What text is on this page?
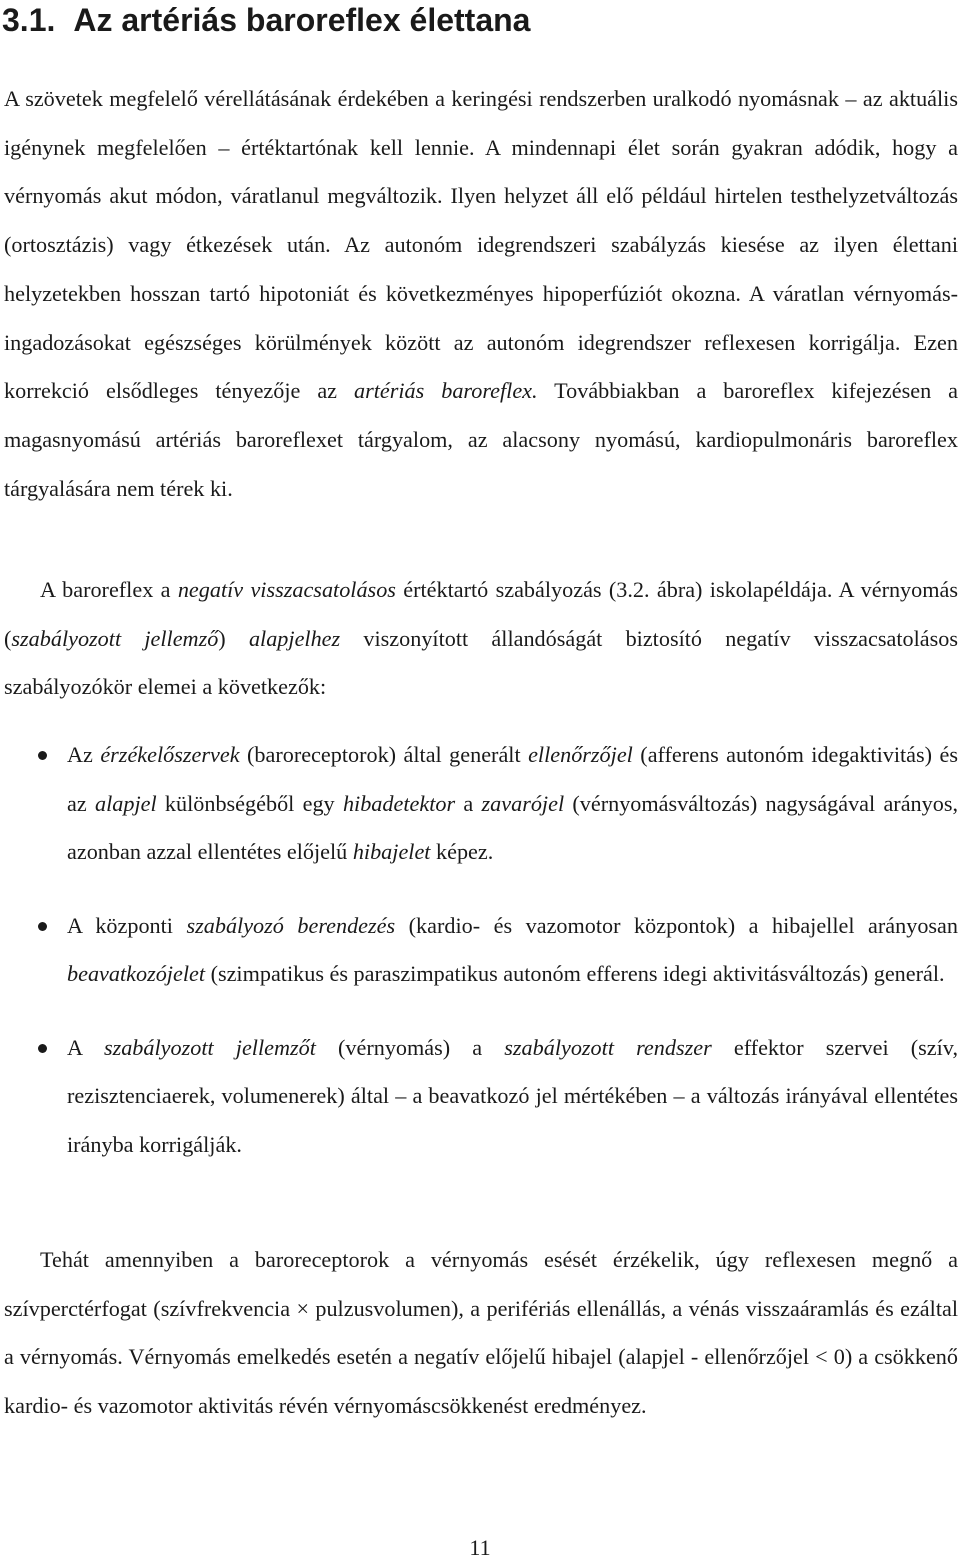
3.1. Az artériás baroreflex élettana

A szövetek megfelelő vérellátásának érdekében a keringési rendszerben uralkodó nyomásnak – az aktuális igénynek megfelelően – értéktartónak kell lennie. A mindennapi élet során gyakran adódik, hogy a vérnyomás akut módon, váratlanul megváltozik. Ilyen helyzet áll elő például hirtelen testhelyzetváltozás (ortosztázis) vagy étkezések után. Az autonóm idegrendszeri szabályzás kiesése az ilyen élettani helyzetekben hosszan tartó hipotoniát és következményes hipoperfúziót okozna. A váratlan vérnyomás-ingadozásokat egészséges körülmények között az autonóm idegrendszer reflexesen korrigálja. Ezen korrekció elsődleges tényezője az artériás baroreflex. Továbbiakban a baroreflex kifejezésen a magasnyomású artériás baroreflexet tárgyalom, az alacsony nyomású, kardiopulmonáris baroreflex tárgyalására nem térek ki.

A baroreflex a negatív visszacsatolásos értéktartó szabályozás (3.2. ábra) iskolapéldája. A vérnyomás (szabályozott jellemző) alapjelhez viszonyított állandóságát biztosító negatív visszacsatolásos szabályozókör elemei a következők:

Az érzékelőszervek (baroreceptorok) által generált ellenőrzőjel (afferens autonóm idegaktivitás) és az alapjel különbségéből egy hibadetektor a zavarójel (vérnyomásváltozás) nagyságával arányos, azonban azzal ellentétes előjelű hibajelet képez.
A központi szabályozó berendezés (kardio- és vazomotor központok) a hibajellel arányosan beavatkozójelet (szimpatikus és paraszimpatikus autonóm efferens idegi aktivitásváltozás) generál.
A szabályozott jellemzőt (vérnyomás) a szabályozott rendszer effektor szervei (szív, rezisztenciaerek, volumenerek) által – a beavatkozó jel mértékében – a változás irányával ellentétes irányba korrigálják.

Tehát amennyiben a baroreceptorok a vérnyomás esését érzékelik, úgy reflexesen megnő a szívperctérfogat (szívfrekvencia × pulzusvolumen), a perifériás ellenállás, a vénás visszaáramlás és ezáltal a vérnyomás. Vérnyomás emelkedés esetén a negatív előjelű hibajel (alapjel - ellenőrzőjel < 0) a csökkenő kardio- és vazomotor aktivitás révén vérnyomáscsökkenést eredményez.

11
